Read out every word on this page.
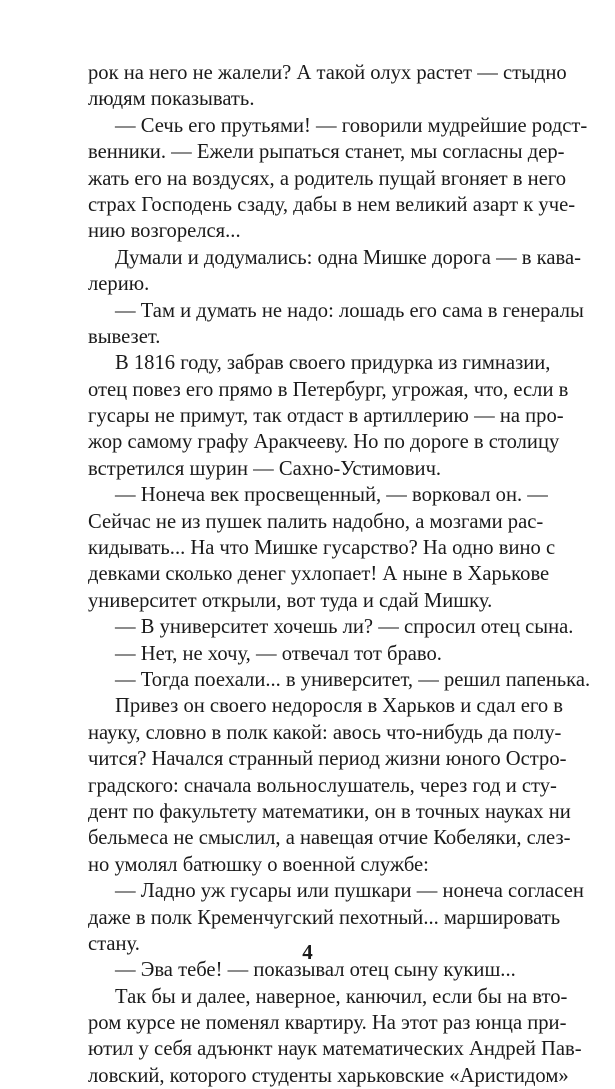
рок на него не жалели? А такой олух растет — стыдно
людям показывать.
— Сечь его прутьями! — говорили мудрейшие родст-
венники. — Ежели рыпаться станет, мы согласны дер-
жать его на воздусях, а родитель пущай вгоняет в него
страх Господень сзаду, дабы в нем великий азарт к уче-
нию возгорелся...
Думали и додумались: одна Мишке дорога — в кава-
лерию.
— Там и думать не надо: лошадь его сама в генералы
вывезет.
В 1816 году, забрав своего придурка из гимназии,
отец повез его прямо в Петербург, угрожая, что, если в
гусары не примут, так отдаст в артиллерию — на про-
жор самому графу Аракчееву. Но по дороге в столицу
встретился шурин — Сахно-Устимович.
— Нонеча век просвещенный, — ворковал он. —
Сейчас не из пушек палить надобно, а мозгами рас-
кидывать... На что Мишке гусарство? На одно вино с
девками сколько денег ухлопает! А ныне в Харькове
университет открыли, вот туда и сдай Мишку.
— В университет хочешь ли? — спросил отец сына.
— Нет, не хочу, — отвечал тот браво.
— Тогда поехали... в университет, — решил папенька.
Привез он своего недоросля в Харьков и сдал его в
науку, словно в полк какой: авось что-нибудь да полу-
чится? Начался странный период жизни юного Остро-
градского: сначала вольнослушатель, через год и сту-
дент по факультету математики, он в точных науках ни
бельмеса не смыслил, а навещая отчие Кобеляки, слез-
но умолял батюшку о военной службе:
— Ладно уж гусары или пушкари — нонеча согласен
даже в полк Кременчугский пехотный... маршировать
стану.
— Эва тебе! — показывал отец сыну кукиш...
Так бы и далее, наверное, канючил, если бы на вто-
ром курсе не поменял квартиру. На этот раз юнца при-
ютил у себя адъюнкт наук математических Андрей Пав-
ловский, которого студенты харьковские «Аристидом»
4
